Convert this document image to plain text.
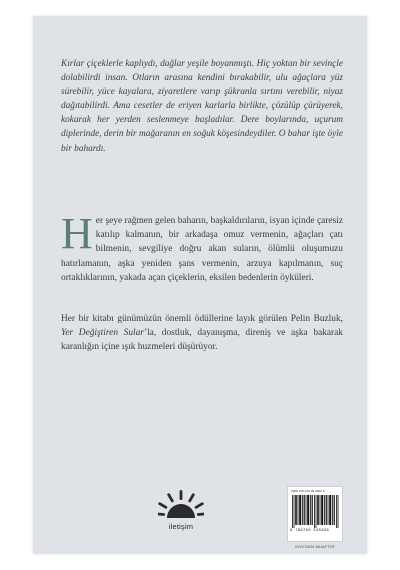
Kırlar çiçeklerle kaplıydı, dağlar yeşile boyanmıştı. Hiç yoktan bir sevinçle dolabilirdi insan. Otların arasına kendini bırakabilir, ulu ağaçlara yüz sürebilir, yüce kayalara, ziyaretlere varıp şükranla sırtını verebilir, niyaz dağıtabilirdi. Ama cesetler de eriyen karlarla birlikte, çözülüp çürüyerek, kokarak her yerden seslenmeye başladılar. Dere boylarında, uçurum diplerinde, derin bir mağaranın en soğuk köşesindeydiler. O bahar işte öyle bir bahardı.

Her şeye rağmen gelen baharın, başkaldırıların, isyan içinde çaresiz katılıp kalmanın, bir arkadaşa omuz vermenin, ağaçları çatı bilmenin, sevgiliye doğru akan suların, ölümlü oluşumuzu hatırlamanın, aşka yeniden şans vermenin, arzuya kapılmanın, suç ortaklıklarının, yakada açan çiçeklerin, eksilen bedenlerin öyküleri.

Her bir kitabı günümüzün önemli ödüllerine layık görülen Pelin Buzluk, Yer Değiştiren Sular’la, dostluk, dayanışma, direniş ve aşka bakarak karanlığın içine ışık huzmeleri düşürüyor.

iletişim
ISBN 978-975-05-3562-6
9 789750 535626
KDV'DEN MUAFTIR
